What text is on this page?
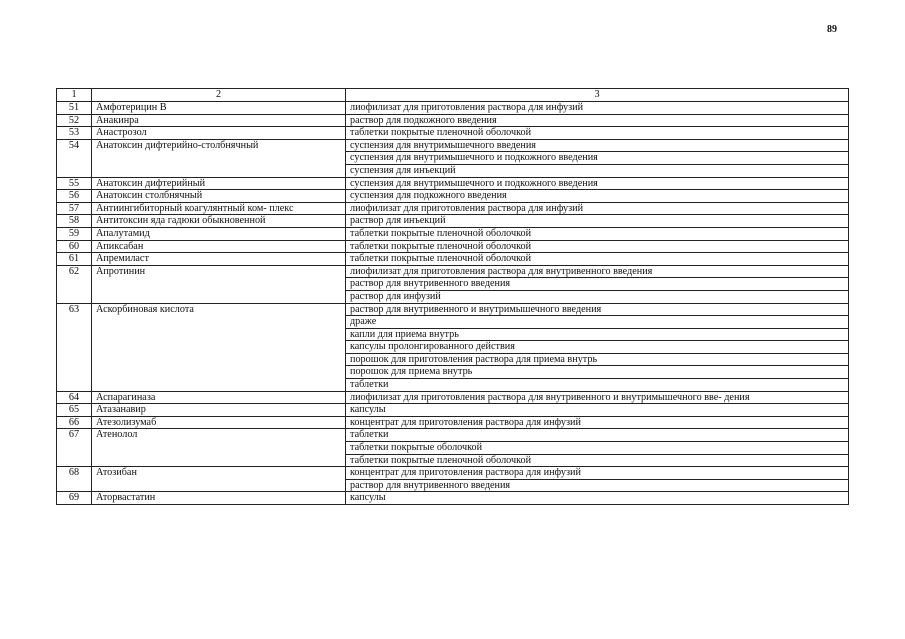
89
1	2	3
51	Амфотерицин В	лиофилизат для приготовления раствора для инфузий
52	Анакинра	раствор для подкожного введения
53	Анастрозол	таблетки покрытые пленочной оболочкой
54	Анатоксин дифтерийно-столбнячный	суспензия для внутримышечного введения
		суспензия для внутримышечного и подкожного введения
		суспензия для инъекций
55	Анатоксин дифтерийный	суспензия для внутримышечного и подкожного введения
56	Анатоксин столбнячный	суспензия для подкожного введения
57	Антиингибиторный коагулянтный ком- плекс	лиофилизат для приготовления раствора для инфузий
58	Антитоксин яда гадюки обыкновенной	раствор для инъекций
59	Апалутамид	таблетки покрытые пленочной оболочкой
60	Апиксабан	таблетки покрытые пленочной оболочкой
61	Апремиласт	таблетки покрытые пленочной оболочкой
62	Апротинин	лиофилизат для приготовления раствора для внутривенного введения
		раствор для внутривенного введения
		раствор для инфузий
63	Аскорбиновая кислота	раствор для внутривенного и внутримышечного введения
		драже
		капли для приема внутрь
		капсулы пролонгированного действия
		порошок для приготовления раствора для приема внутрь
		порошок для приема внутрь
		таблетки
64	Аспарагиназа	лиофилизат для приготовления раствора для внутривенного и внутримышечного вве- дения
65	Атазанавир	капсулы
66	Атезолизумаб	концентрат для приготовления раствора для инфузий
67	Атенолол	таблетки
		таблетки покрытые оболочкой
		таблетки покрытые пленочной оболочкой
68	Атозибан	концентрат для приготовления раствора для инфузий
		раствор для внутривенного введения
69	Аторвастатин	капсулы
